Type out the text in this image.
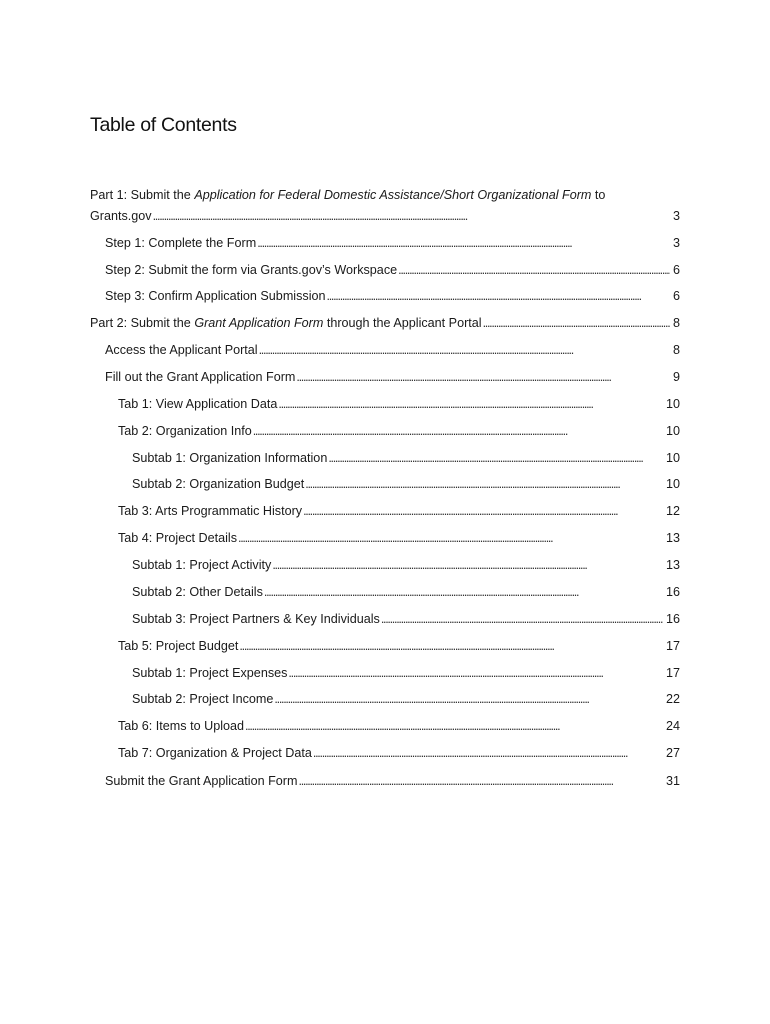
Table of Contents
Part 1: Submit the Application for Federal Domestic Assistance/Short Organizational Form to
Grants.gov . . .	3
Step 1: Complete the Form . . .	3
Step 2: Submit the form via Grants.gov’s Workspace . . .	6
Step 3: Confirm Application Submission . . .	6
Part 2: Submit the Grant Application Form through the Applicant Portal . . .	8
Access the Applicant Portal . . .	8
Fill out the Grant Application Form . . .	9
Tab 1: View Application Data . . .	10
Tab 2: Organization Info . . .	10
Subtab 1: Organization Information . . .	10
Subtab 2: Organization Budget . . .	10
Tab 3: Arts Programmatic History . . .	12
Tab 4: Project Details . . .	13
Subtab 1: Project Activity . . .	13
Subtab 2: Other Details . . .	16
Subtab 3: Project Partners & Key Individuals . . .	16
Tab 5: Project Budget . . .	17
Subtab 1: Project Expenses . . .	17
Subtab 2: Project Income . . .	22
Tab 6: Items to Upload . . .	24
Tab 7: Organization & Project Data . . .	27
Submit the Grant Application Form . . .	31
